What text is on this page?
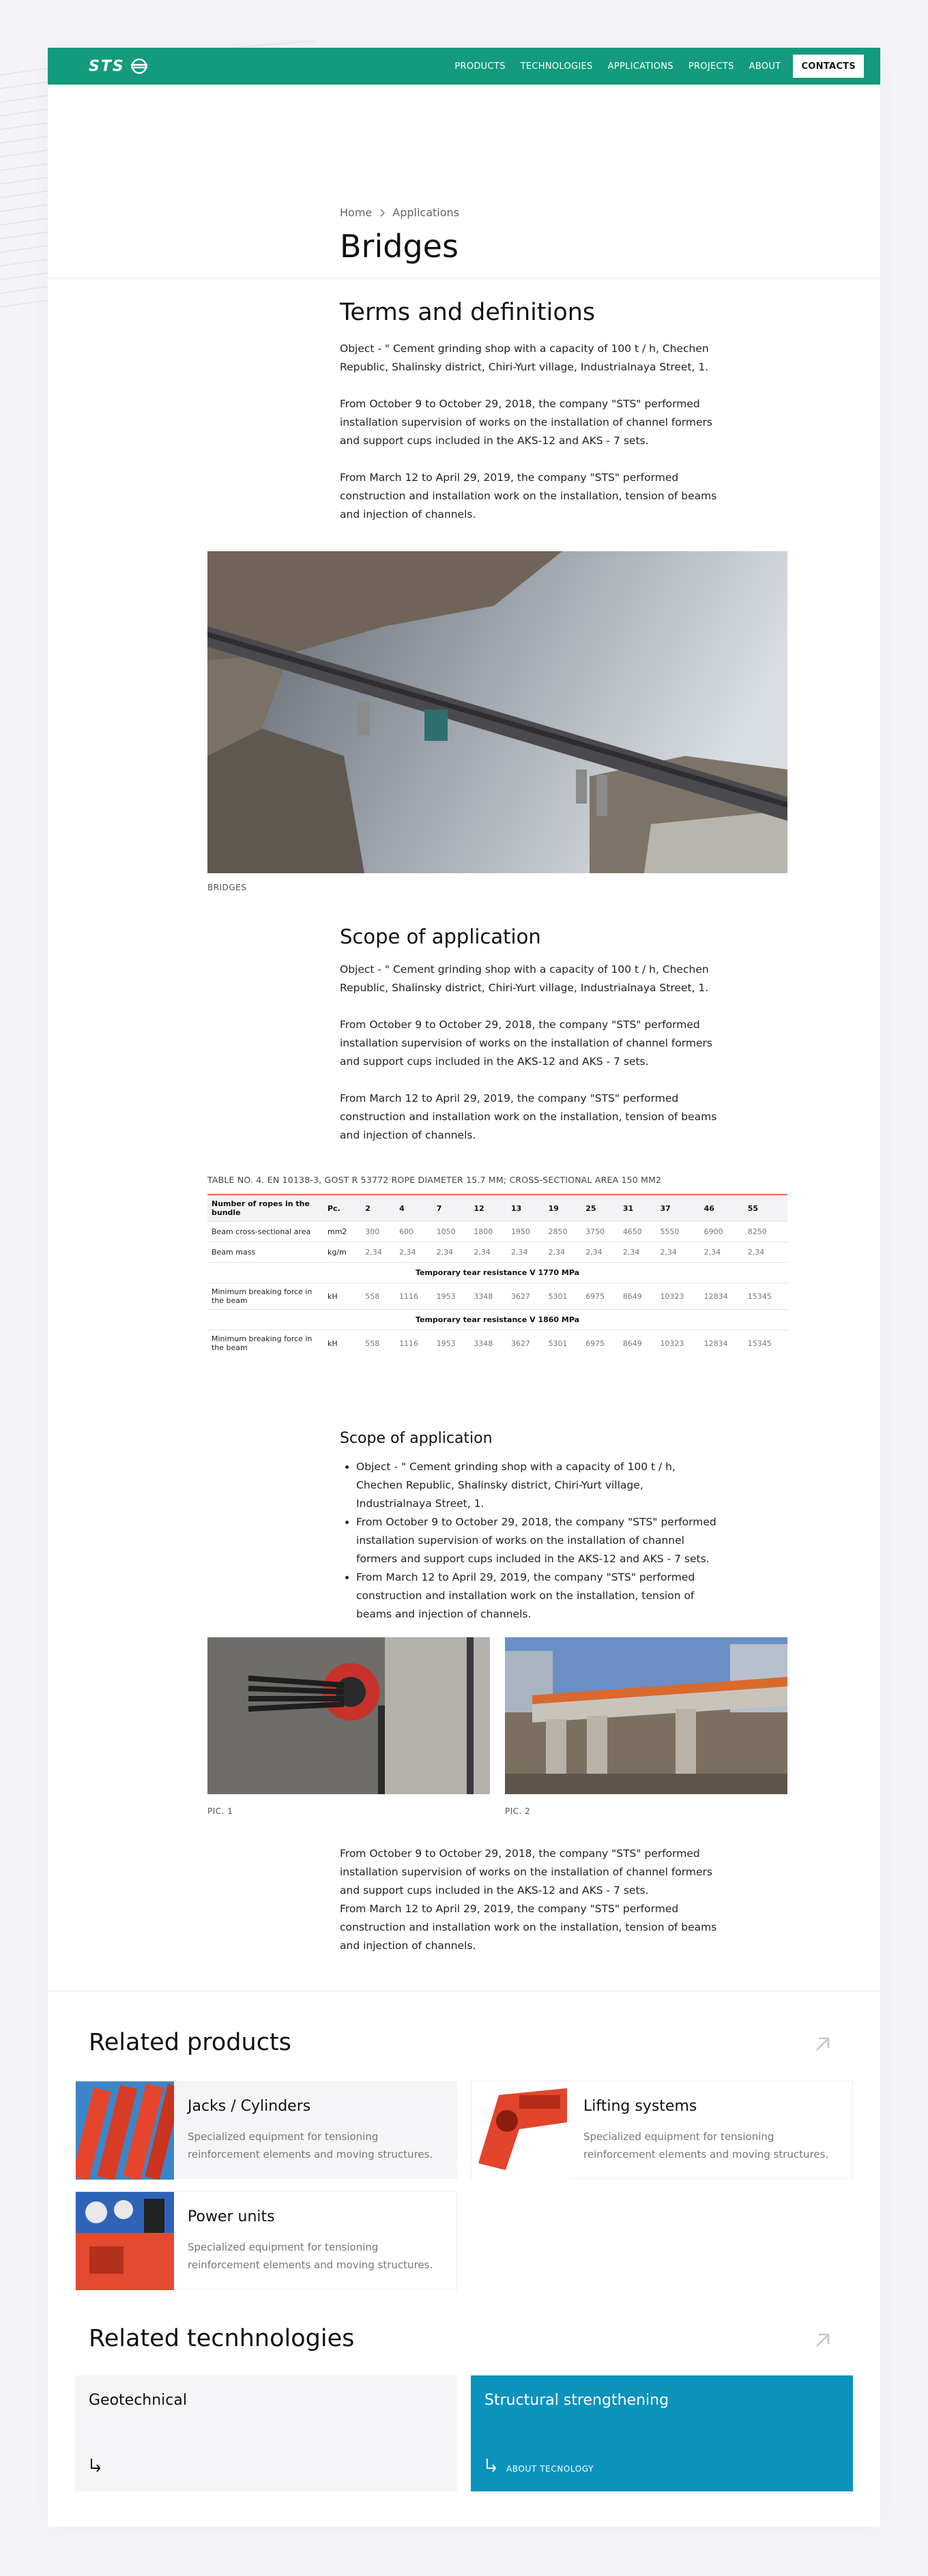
STS	PRODUCTS TECHNOLOGIES APPLICATIONS PROJECTS ABOUT	CONTACTS
Home Applications
Bridges
Terms and definitions

Object - " Cement grinding shop with a capacity of 100 t / h, Chechen Republic, Shalinsky district, Chiri-Yurt village, Industrialnaya Street, 1.

From October 9 to October 29, 2018, the company "STS" performed installation supervision of works on the installation of channel formers and support cups included in the AKS-12 and AKS - 7 sets.

From March 12 to April 29, 2019, the company "STS" performed construction and installation work on the installation, tension of beams and injection of channels.

BRIDGES
Scope of application

Object - " Cement grinding shop with a capacity of 100 t / h, Chechen Republic, Shalinsky district, Chiri-Yurt village, Industrialnaya Street, 1.

From October 9 to October 29, 2018, the company "STS" performed installation supervision of works on the installation of channel formers and support cups included in the AKS-12 and AKS - 7 sets.

From March 12 to April 29, 2019, the company "STS" performed construction and installation work on the installation, tension of beams and injection of channels.

TABLE NO. 4. EN 10138-3, GOST R 53772 ROPE DIAMETER 15.7 MM; CROSS-SECTIONAL AREA 150 MM2
Number of ropes in the bundle	Pc.	2	4	7	12	13	19	25	31	37	46	55
Beam cross-sectional area	mm2	300	600	1050	1800	1950	2850	3750	4650	5550	6900	8250
Beam mass	kg/m	2,34	2,34	2,34	2,34	2,34	2,34	2,34	2,34	2,34	2,34	2,34
Temporary tear resistance V 1770 MPa												
Minimum breaking force in the beam	kH	558	1116	1953	3348	3627	5301	6975	8649	10323	12834	15345
Temporary tear resistance V 1860 MPa												
Minimum breaking force in the beam	kH	558	1116	1953	3348	3627	5301	6975	8649	10323	12834	15345
Scope of application
Object - " Cement grinding shop with a capacity of 100 t / h, Chechen Republic, Shalinsky district, Chiri-Yurt village, Industrialnaya Street, 1.
From October 9 to October 29, 2018, the company "STS" performed installation supervision of works on the installation of channel formers and support cups included in the AKS-12 and AKS - 7 sets.
From March 12 to April 29, 2019, the company "STS" performed construction and installation work on the installation, tension of beams and injection of channels.
PIC. 1	PIC. 2

From October 9 to October 29, 2018, the company "STS" performed installation supervision of works on the installation of channel formers and support cups included in the AKS-12 and AKS - 7 sets.

From March 12 to April 29, 2019, the company "STS" performed construction and installation work on the installation, tension of beams and injection of channels.

Related products
Jacks / Cylinders
Specialized equipment for tensioning reinforcement elements and moving structures.
Lifting systems
Specialized equipment for tensioning reinforcement elements and moving structures.
Power units
Specialized equipment for tensioning reinforcement elements and moving structures.
Related tecnhnologies
Geotechnical	Structural strengthening
ABOUT TECNOLOGY
